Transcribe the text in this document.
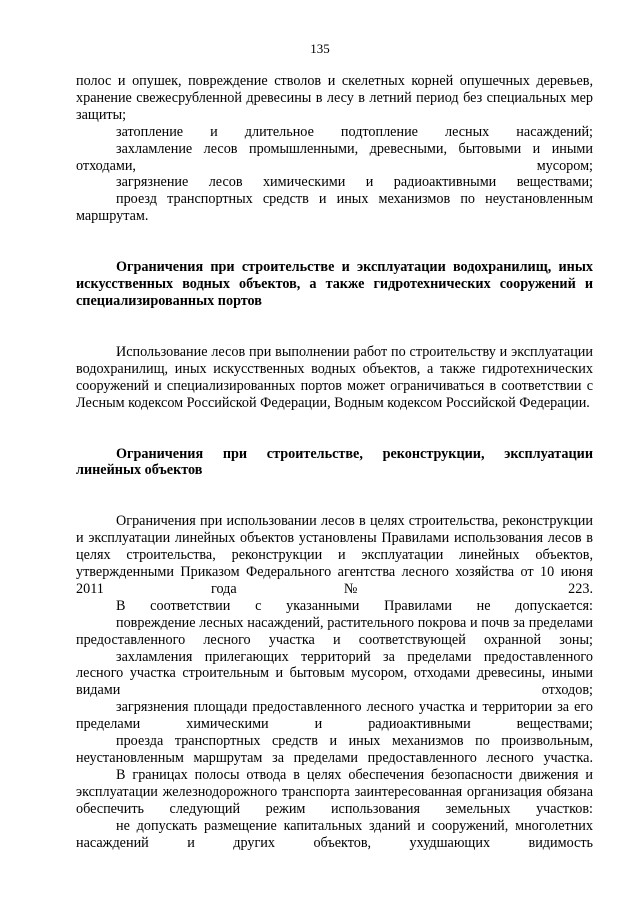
135

полос и опушек, повреждение стволов и скелетных корней опушечных деревьев, хранение свежесрубленной древесины в лесу в летний период без специальных мер защиты;

затопление и длительное подтопление лесных насаждений;

захламление лесов промышленными, древесными, бытовыми и иными отходами, мусором;

загрязнение лесов химическими и радиоактивными веществами;

проезд транспортных средств и иных механизмов по неустановленным маршрутам.

Ограничения при строительстве и эксплуатации водохранилищ, иных искусственных водных объектов, а также гидротехнических сооружений и специализированных портов

Использование лесов при выполнении работ по строительству и эксплуатации водохранилищ, иных искусственных водных объектов, а также гидротехнических сооружений и специализированных портов может ограничиваться в соответствии с Лесным кодексом Российской Федерации, Водным кодексом Российской Федерации.

Ограничения при строительстве, реконструкции, эксплуатации линейных объектов

Ограничения при использовании лесов в целях строительства, реконструкции и эксплуатации линейных объектов установлены Правилами использования лесов в целях строительства, реконструкции и эксплуатации линейных объектов, утвержденными Приказом Федерального агентства лесного хозяйства от 10 июня 2011 года № 223.

В соответствии с указанными Правилами не допускается:

повреждение лесных насаждений, растительного покрова и почв за пределами предоставленного лесного участка и соответствующей охранной зоны;

захламления прилегающих территорий за пределами предоставленного лесного участка строительным и бытовым мусором, отходами древесины, иными видами отходов;

загрязнения площади предоставленного лесного участка и территории за его пределами химическими и радиоактивными веществами;

проезда транспортных средств и иных механизмов по произвольным, неустановленным маршрутам за пределами предоставленного лесного участка.

В границах полосы отвода в целях обеспечения безопасности движения и эксплуатации железнодорожного транспорта заинтересованная организация обязана обеспечить следующий режим использования земельных участков:

не допускать размещение капитальных зданий и сооружений, многолетних насаждений и других объектов, ухудшающих видимость
